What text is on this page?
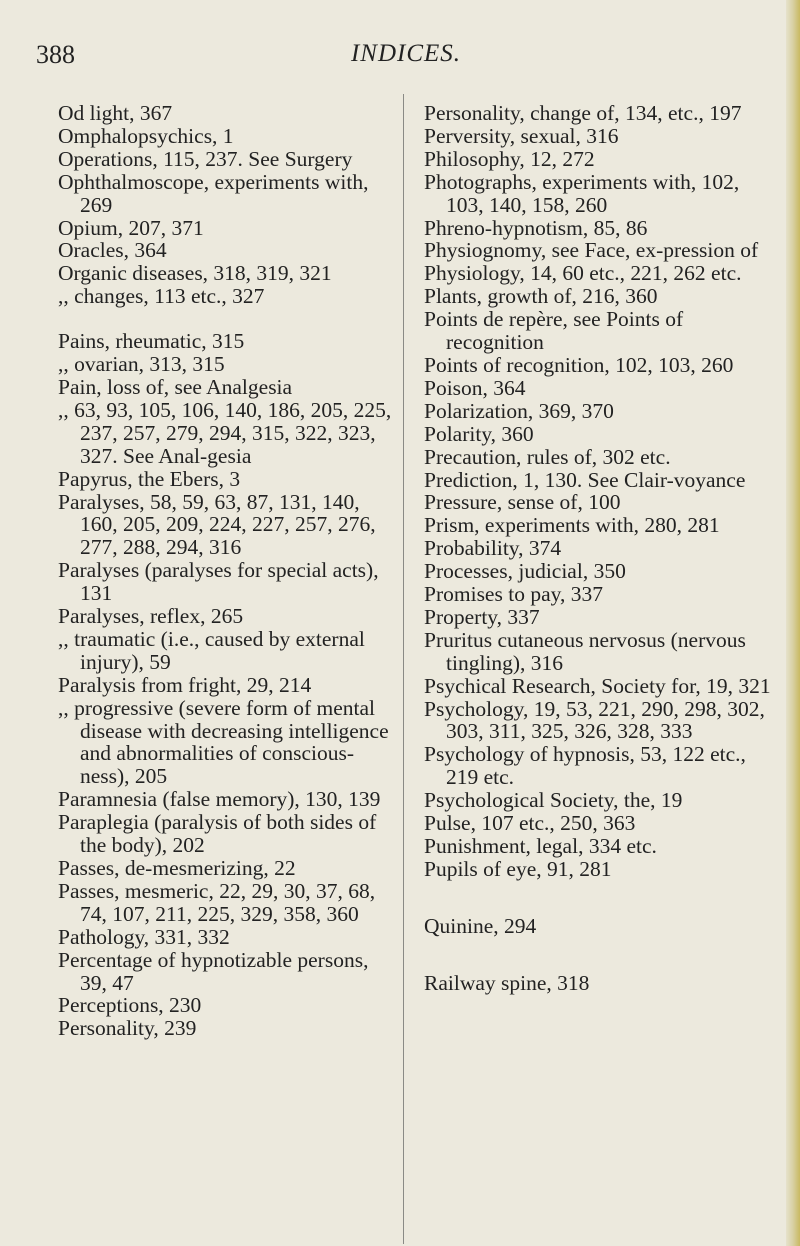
388	INDICES.
Od light, 367
Omphalopsychics, 1
Operations, 115, 237. See Surgery
Ophthalmoscope, experiments with, 269
Opium, 207, 371
Oracles, 364
Organic diseases, 318, 319, 321
,, changes, 113 etc., 327
Pains, rheumatic, 315
,, ovarian, 313, 315
Pain, loss of, see Analgesia
,, 63, 93, 105, 106, 140, 186, 205, 225, 237, 257, 279, 294, 315, 322, 323, 327. See Anal-gesia
Papyrus, the Ebers, 3
Paralyses, 58, 59, 63, 87, 131, 140, 160, 205, 209, 224, 227, 257, 276, 277, 288, 294, 316
Paralyses (paralyses for special acts), 131
Paralyses, reflex, 265
,, traumatic (i.e., caused by external injury), 59
Paralysis from fright, 29, 214
,, progressive (severe form of mental disease with decreasing intelligence and abnormalities of conscious-ness), 205
Paramnesia (false memory), 130, 139
Paraplegia (paralysis of both sides of the body), 202
Passes, de-mesmerizing, 22
Passes, mesmeric, 22, 29, 30, 37, 68, 74, 107, 211, 225, 329, 358, 360
Pathology, 331, 332
Percentage of hypnotizable persons, 39, 47
Perceptions, 230
Personality, 239
Personality, change of, 134, etc., 197
Perversity, sexual, 316
Philosophy, 12, 272
Photographs, experiments with, 102, 103, 140, 158, 260
Phreno-hypnotism, 85, 86
Physiognomy, see Face, ex-pression of
Physiology, 14, 60 etc., 221, 262 etc.
Plants, growth of, 216, 360
Points de repère, see Points of recognition
Points of recognition, 102, 103, 260
Poison, 364
Polarization, 369, 370
Polarity, 360
Precaution, rules of, 302 etc.
Prediction, 1, 130. See Clair-voyance
Pressure, sense of, 100
Prism, experiments with, 280, 281
Probability, 374
Processes, judicial, 350
Promises to pay, 337
Property, 337
Pruritus cutaneous nervosus (nervous tingling), 316
Psychical Research, Society for, 19, 321
Psychology, 19, 53, 221, 290, 298, 302, 303, 311, 325, 326, 328, 333
Psychology of hypnosis, 53, 122 etc., 219 etc.
Psychological Society, the, 19
Pulse, 107 etc., 250, 363
Punishment, legal, 334 etc.
Pupils of eye, 91, 281
Quinine, 294
Railway spine, 318
